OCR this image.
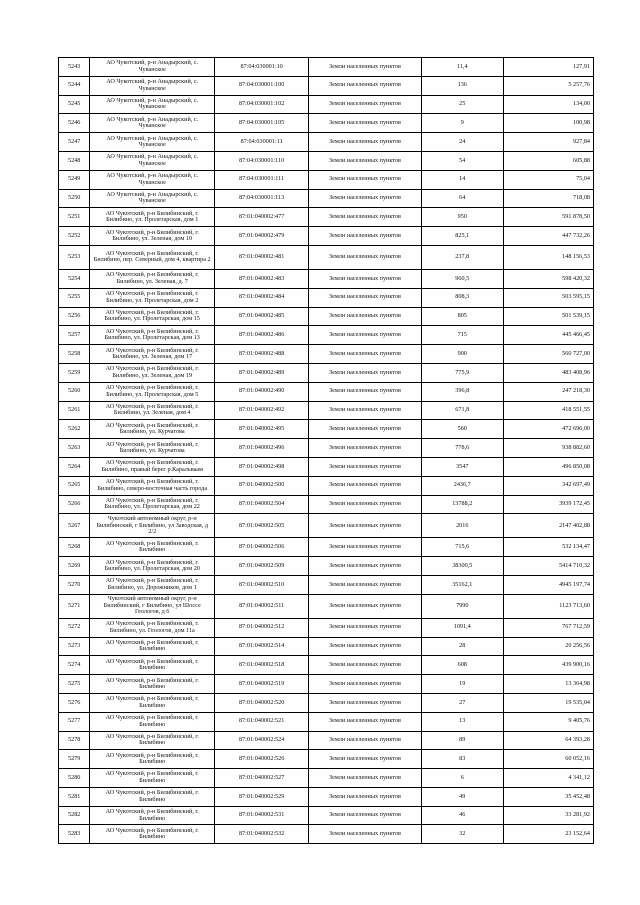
5243	АО Чукотский, р-н Анадырский, с. Чуванское	87:04:030001:10	Земли населенных пунктов	11,4	127,91
5244	АО Чукотский, р-н Анадырский, с. Чуванское	87:04:030001:100	Земли населенных пунктов	136	5 257,76
5245	АО Чукотский, р-н Анадырский, с. Чуванское	87:04:030001:102	Земли населенных пунктов	25	134,00
5246	АО Чукотский, р-н Анадырский, с. Чуванское	87:04:030001:105	Земли населенных пунктов	9	100,98
5247	АО Чукотский, р-н Анадырский, с. Чуванское	87:04:030001:11	Земли населенных пунктов	24	927,84
5248	АО Чукотский, р-н Анадырский, с. Чуванское	87:04:030001:110	Земли населенных пунктов	54	605,88
5249	АО Чукотский, р-н Анадырский, с. Чуванское	87:04:030001:111	Земли населенных пунктов	14	75,04
5250	АО Чукотский, р-н Анадырский, с. Чуванское	87:04:030001:113	Земли населенных пунктов	64	718,08
5251	АО Чукотский, р-н Билибинский, г. Билибино, ул. Пролетарская, дом 1	87:01:040002:477	Земли населенных пунктов	950	591 878,50
5252	АО Чукотский, р-н Билибинский, г. Билибино, ул. Зеленая, дом 10	87:01:040002:479	Земли населенных пунктов	825,1	447 732,26
5253	АО Чукотский, р-н Билибинский, г. Билибино, пер. Северный, дом 4, квартира 2	87:01:040002:481	Земли населенных пунктов	237,8	148 156,53
5254	АО Чукотский, р-н Билибинский, г. Билибино, ул. Зеленая, д. 7	87:01:040002:483	Земли населенных пунктов	960,5	598 420,32
5255	АО Чукотский, р-н Билибинский, г. Билибино, ул. Пролетарская, дом 2	87:01:040002:484	Земли населенных пунктов	808,3	503 595,15
5256	АО Чукотский, р-н Билибинский, г. Билибино, ул. Пролетарская, дом 15	87:01:040002:485	Земли населенных пунктов	805	501 539,15
5257	АО Чукотский, р-н Билибинский, г. Билибино, ул. Пролетарская, дом 13	87:01:040002:486	Земли населенных пунктов	715	445 466,45
5258	АО Чукотский, р-н Билибинский, г. Билибино, ул. Зеленая, дом 17	87:01:040002:488	Земли населенных пунктов	900	560 727,00
5259	АО Чукотский, р-н Билибинский, г. Билибино, ул. Зеленая, дом 19	87:01:040002:489	Земли населенных пунктов	775,9	483 408,96
5260	АО Чукотский, р-н Билибинский, г. Билибино, ул. Пролетарская, дом 5	87:01:040002:490	Земли населенных пунктов	396,8	247 218,30
5261	АО Чукотский, р-н Билибинский, г. Билибино, ул. Зеленая, дом 4	87:01:040002:492	Земли населенных пунктов	671,8	418 551,55
5262	АО Чукотский, р-н Билибинский, г. Билибино, ул. Курчатова	87:01:040002:495	Земли населенных пунктов	560	472 696,00
5263	АО Чукотский, р-н Билибинский, г. Билибино, ул. Курчатова	87:01:040002:496	Земли населенных пунктов	778,6	938 882,60
5264	АО Чукотский, р-н Билибинский, г. Билибино, правый берег р.Каральваам	87:01:040002:498	Земли населенных пунктов	3547	496 850,08
5265	АО Чукотский, р-н Билибинский, г. Билибино, северо-восточная часть города	87:01:040002:500	Земли населенных пунктов	2436,7	342 697,49
5266	АО Чукотский, р-н Билибинский, г. Билибино, ул. Пролетарская, дом 22	87:01:040002:504	Земли населенных пунктов	13788,2	3939 172,45
5267	Чукотский автономный округ, р-н Билибинский, г Билибино, ул Заводская, д 2/2	87:01:040002:505	Земли населенных пунктов	2016	2147 402,88
5268	АО Чукотский, р-н Билибинский, г. Билибино	87:01:040002:506	Земли населенных пунктов	715,6	532 134,47
5269	АО Чукотский, р-н Билибинский, г. Билибино, ул. Пролетарская, дом 20	87:01:040002:509	Земли населенных пунктов	38300,5	5414 710,32
5270	АО Чукотский, р-н Билибинский, г. Билибино, ул. Дорожников, дом 1	87:01:040002:510	Земли населенных пунктов	35162,1	4945 197,74
5271	Чукотский автономный округ, р-н Билибинский, г Билибино, ул Шоссе Геологов, д 6	87:01:040002:511	Земли населенных пунктов	7990	1123 713,60
5272	АО Чукотский, р-н Билибинский, г. Билибино, ул. Геологов, дом 11а	87:01:040002:512	Земли населенных пунктов	1091,4	767 712,59
5273	АО Чукотский, р-н Билибинский, г. Билибино	87:01:040002:514	Земли населенных пунктов	28	20 256,56
5274	АО Чукотский, р-н Билибинский, г. Билибино	87:01:040002:518	Земли населенных пунктов	608	439 900,16
5275	АО Чукотский, р-н Билибинский, г. Билибино	87:01:040002:519	Земли населенных пунктов	19	13 364,98
5276	АО Чукотский, р-н Билибинский, г. Билибино	87:01:040002:520	Земли населенных пунктов	27	19 535,04
5277	АО Чукотский, р-н Билибинский, г. Билибино	87:01:040002:521	Земли населенных пунктов	13	9 405,76
5278	АО Чукотский, р-н Билибинский, г. Билибино	87:01:040002:524	Земли населенных пунктов	89	64 393,28
5279	АО Чукотский, р-н Билибинский, г. Билибино	87:01:040002:526	Земли населенных пунктов	83	60 052,16
5280	АО Чукотский, р-н Билибинский, г. Билибино	87:01:040002:527	Земли населенных пунктов	6	4 341,12
5281	АО Чукотский, р-н Билибинский, г. Билибино	87:01:040002:529	Земли населенных пунктов	49	35 452,48
5282	АО Чукотский, р-н Билибинский, г. Билибино	87:01:040002:531	Земли населенных пунктов	46	33 281,92
5283	АО Чукотский, р-н Билибинский, г. Билибино	87:01:040002:532	Земли населенных пунктов	32	23 152,64
